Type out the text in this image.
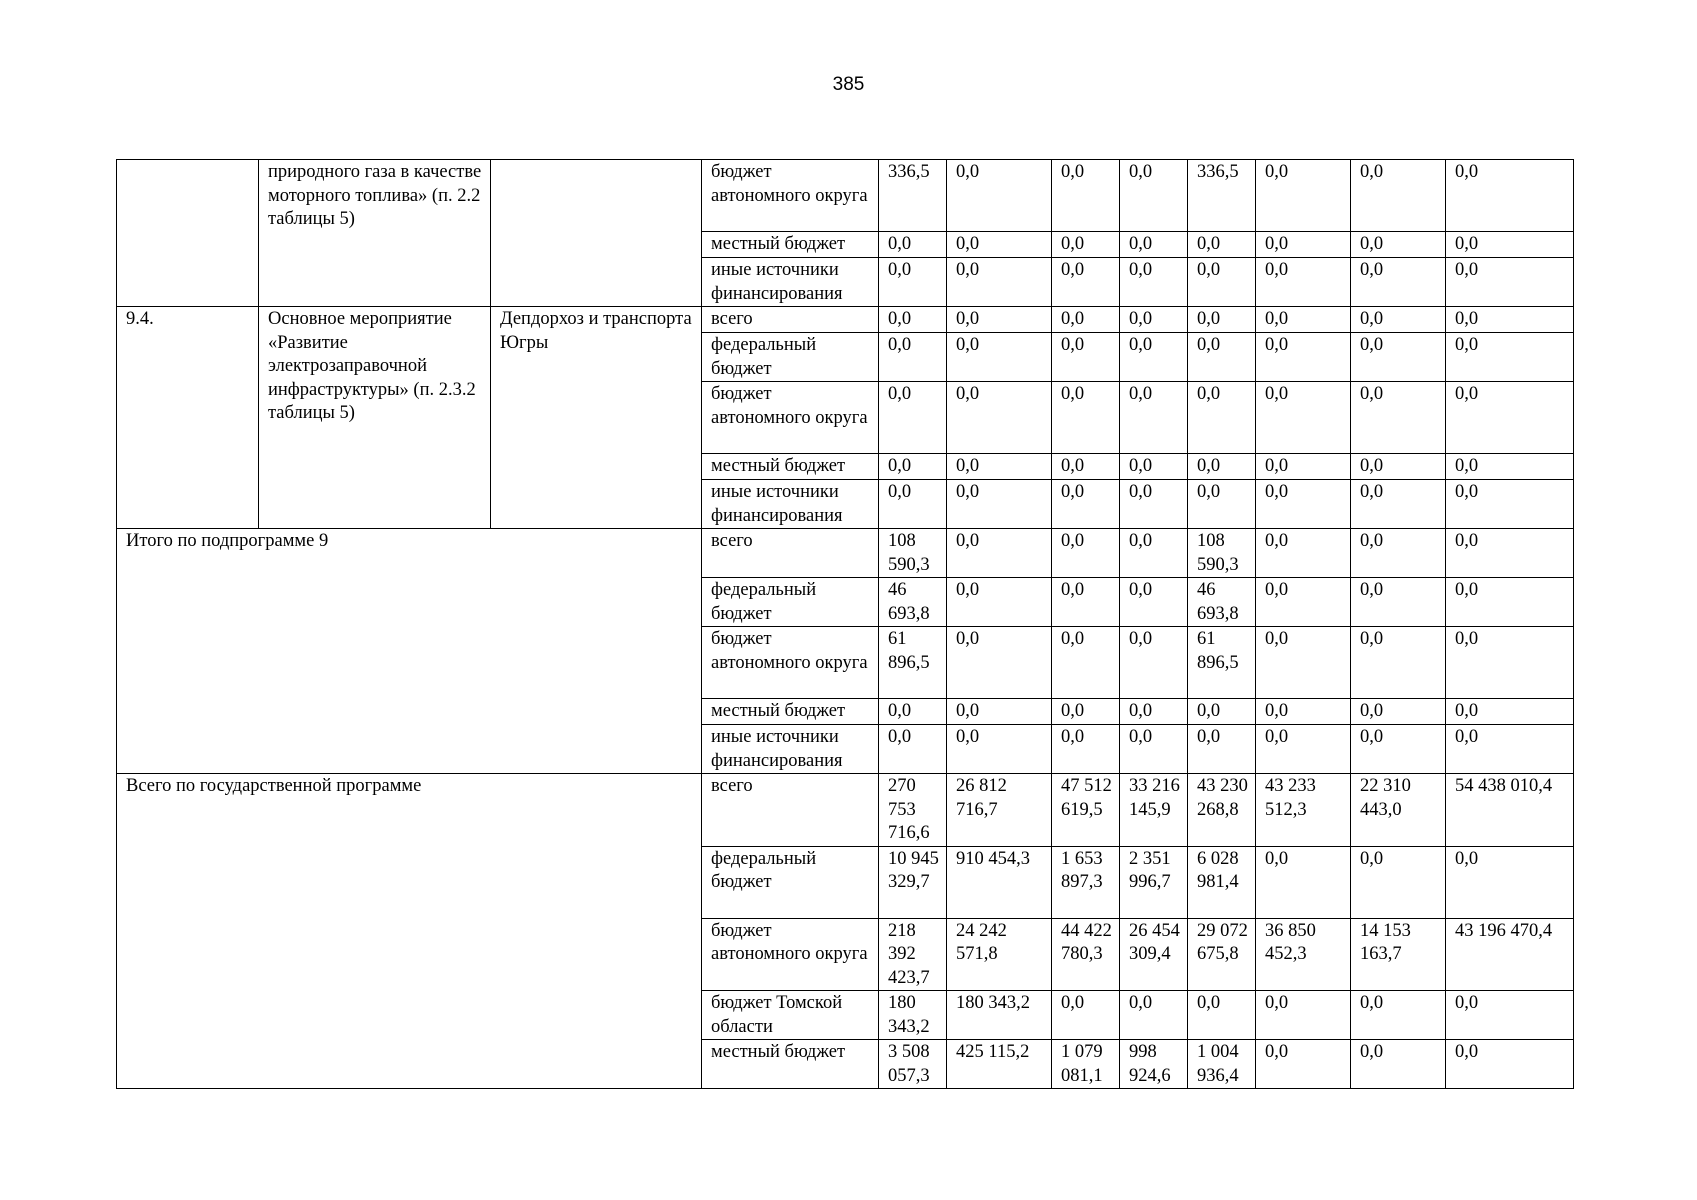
385
	природного газа в качестве моторного топлива» (п. 2.2 таблицы 5)		бюджет автономного округа	336,5	0,0	0,0	0,0	336,5	0,0	0,0	0,0
			местный бюджет	0,0	0,0	0,0	0,0	0,0	0,0	0,0	0,0
			иные источники финансирования	0,0	0,0	0,0	0,0	0,0	0,0	0,0	0,0
9.4.	Основное мероприятие «Развитие электрозаправочной инфраструктуры» (п. 2.3.2 таблицы 5)	Депдорхоз и транспорта Югры	всего	0,0	0,0	0,0	0,0	0,0	0,0	0,0	0,0
			федеральный бюджет	0,0	0,0	0,0	0,0	0,0	0,0	0,0	0,0
			бюджет автономного округа	0,0	0,0	0,0	0,0	0,0	0,0	0,0	0,0
			местный бюджет	0,0	0,0	0,0	0,0	0,0	0,0	0,0	0,0
			иные источники финансирования	0,0	0,0	0,0	0,0	0,0	0,0	0,0	0,0
Итого по подпрограмме 9			всего	108 590,3	0,0	0,0	0,0	108 590,3	0,0	0,0	0,0
			федеральный бюджет	46 693,8	0,0	0,0	0,0	46 693,8	0,0	0,0	0,0
			бюджет автономного округа	61 896,5	0,0	0,0	0,0	61 896,5	0,0	0,0	0,0
			местный бюджет	0,0	0,0	0,0	0,0	0,0	0,0	0,0	0,0
			иные источники финансирования	0,0	0,0	0,0	0,0	0,0	0,0	0,0	0,0
Всего по государственной программе			всего	270 753 716,6	26 812 716,7	47 512 619,5	33 216 145,9	43 230 268,8	43 233 512,3	22 310 443,0	54 438 010,4
			федеральный бюджет	10 945 329,7	910 454,3	1 653 897,3	2 351 996,7	6 028 981,4	0,0	0,0	0,0
			бюджет автономного округа	218 392 423,7	24 242 571,8	44 422 780,3	26 454 309,4	29 072 675,8	36 850 452,3	14 153 163,7	43 196 470,4
			бюджет Томской области	180 343,2	180 343,2	0,0	0,0	0,0	0,0	0,0	0,0
			местный бюджет	3 508 057,3	425 115,2	1 079 081,1	998 924,6	1 004 936,4	0,0	0,0	0,0
